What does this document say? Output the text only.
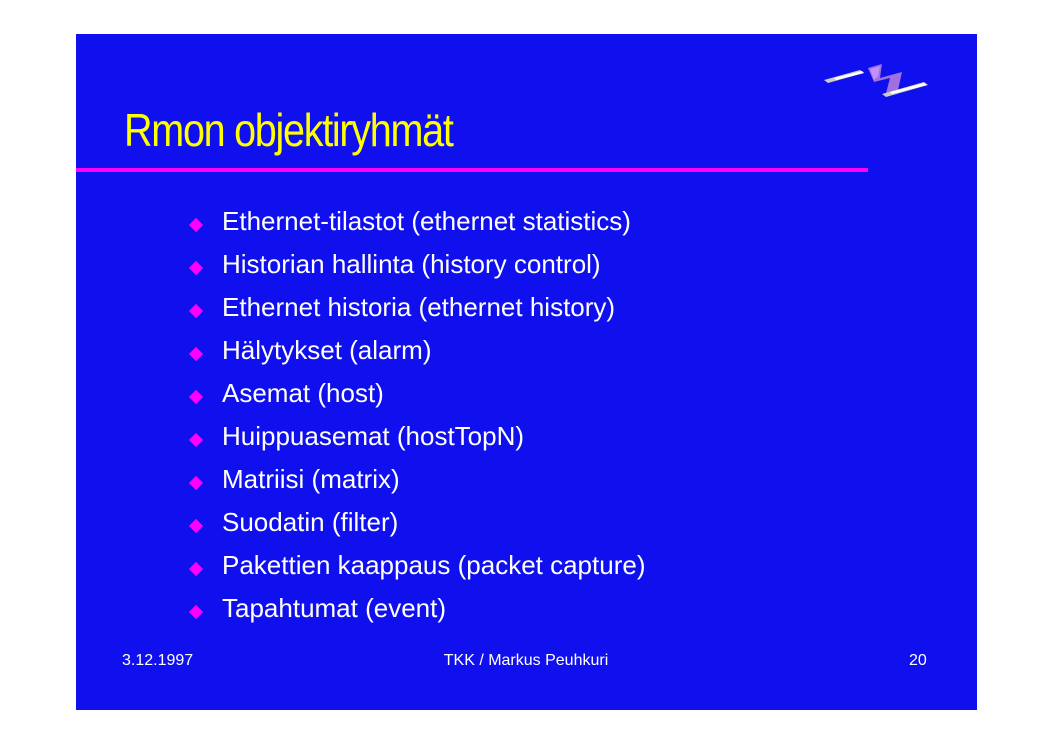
Rmon objektiryhmät
Ethernet-tilastot (ethernet statistics)
Historian hallinta (history control)
Ethernet historia (ethernet history)
Hälytykset (alarm)
Asemat (host)
Huippuasemat (hostTopN)
Matriisi (matrix)
Suodatin (filter)
Pakettien kaappaus (packet capture)
Tapahtumat (event)
3.12.1997	TKK / Markus Peuhkuri	20
